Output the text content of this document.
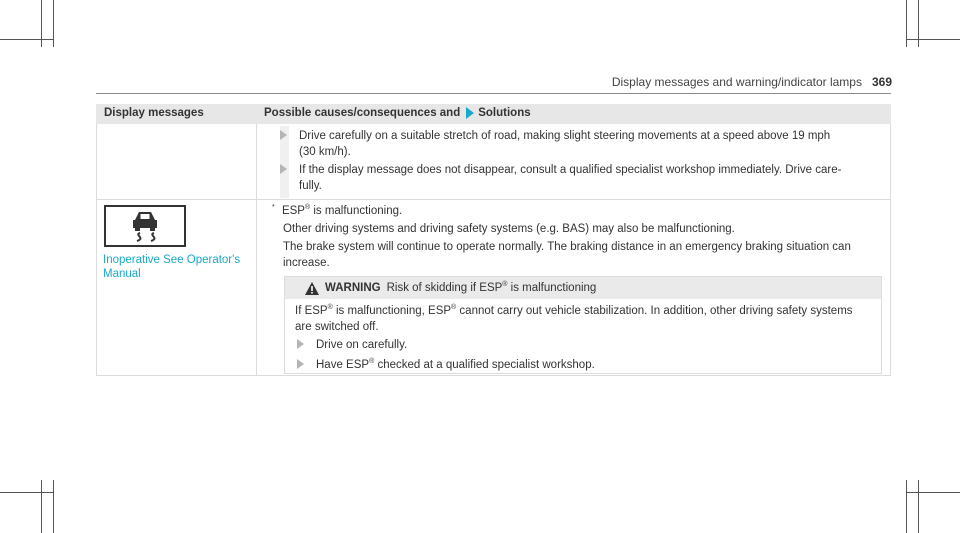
Display messages and warning/indicator lamps 369
Display messages	Possible causes/consequences and Solutions
Drive carefully on a suitable stretch of road, making slight steering movements at a speed above 19 mph
(30 km/h).
If the display message does not disappear, consult a qualified specialist workshop immediately. Drive care-
fully.
Inoperative See Operator's
Manual
* ESP® is malfunctioning.
Other driving systems and driving safety systems (e.g. BAS) may also be malfunctioning.
The brake system will continue to operate normally. The braking distance in an emergency braking situation can
increase.
WARNING Risk of skidding if ESP® is malfunctioning
If ESP® is malfunctioning, ESP® cannot carry out vehicle stabilization. In addition, other driving safety systems
are switched off.
Drive on carefully.
Have ESP® checked at a qualified specialist workshop.
